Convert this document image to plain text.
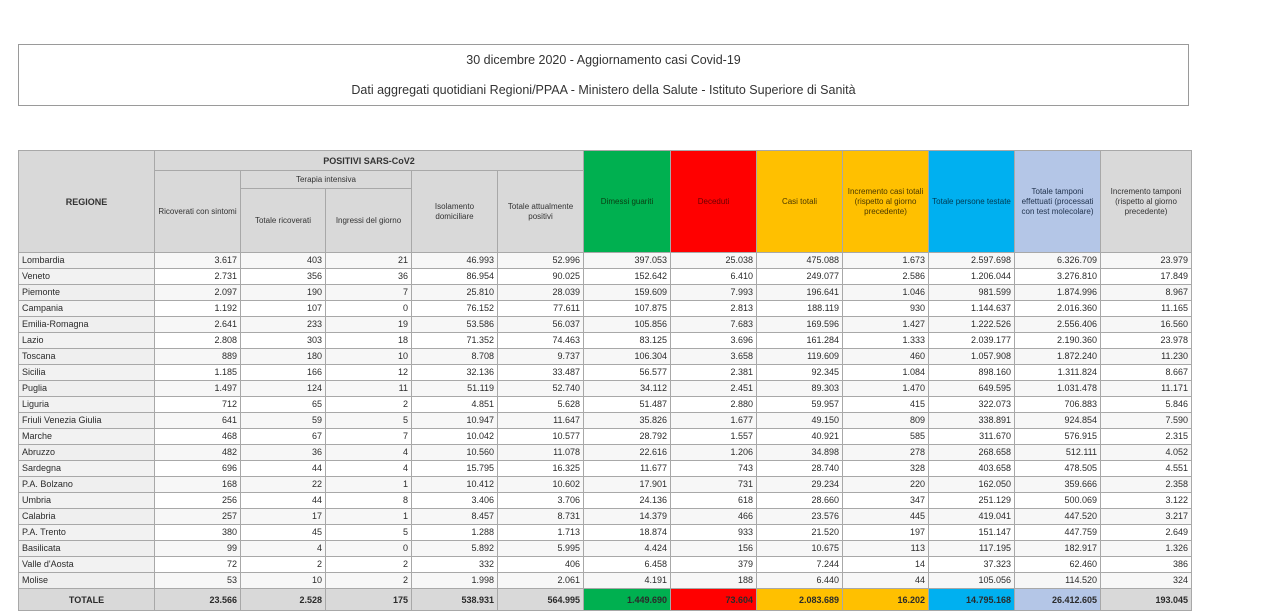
30 dicembre 2020 - Aggiornamento casi Covid-19
Dati aggregati quotidiani Regioni/PPAA - Ministero della Salute - Istituto Superiore di Sanità
REGIONE	POSITIVI SARS-CoV2					Dimessi guariti	Deceduti	Casi totali	Incremento casi totali (rispetto al giorno precedente)	Totale persone testate	Totale tamponi effettuati (processati con test molecolare)	Incremento tamponi (rispetto al giorno precedente)
	Ricoverati con sintomi	Terapia intensiva		Isolamento domiciliare	Totale attualmente positivi							
		Totale ricoverati	Ingressi del giorno									
Lombardia	3.617	403	21	46.993	52.996	397.053	25.038	475.088	1.673	2.597.698	6.326.709	23.979
Veneto	2.731	356	36	86.954	90.025	152.642	6.410	249.077	2.586	1.206.044	3.276.810	17.849
Piemonte	2.097	190	7	25.810	28.039	159.609	7.993	196.641	1.046	981.599	1.874.996	8.967
Campania	1.192	107	0	76.152	77.611	107.875	2.813	188.119	930	1.144.637	2.016.360	11.165
Emilia-Romagna	2.641	233	19	53.586	56.037	105.856	7.683	169.596	1.427	1.222.526	2.556.406	16.560
Lazio	2.808	303	18	71.352	74.463	83.125	3.696	161.284	1.333	2.039.177	2.190.360	23.978
Toscana	889	180	10	8.708	9.737	106.304	3.658	119.609	460	1.057.908	1.872.240	11.230
Sicilia	1.185	166	12	32.136	33.487	56.577	2.381	92.345	1.084	898.160	1.311.824	8.667
Puglia	1.497	124	11	51.119	52.740	34.112	2.451	89.303	1.470	649.595	1.031.478	11.171
Liguria	712	65	2	4.851	5.628	51.487	2.880	59.957	415	322.073	706.883	5.846
Friuli Venezia Giulia	641	59	5	10.947	11.647	35.826	1.677	49.150	809	338.891	924.854	7.590
Marche	468	67	7	10.042	10.577	28.792	1.557	40.921	585	311.670	576.915	2.315
Abruzzo	482	36	4	10.560	11.078	22.616	1.206	34.898	278	268.658	512.111	4.052
Sardegna	696	44	4	15.795	16.325	11.677	743	28.740	328	403.658	478.505	4.551
P.A. Bolzano	168	22	1	10.412	10.602	17.901	731	29.234	220	162.050	359.666	2.358
Umbria	256	44	8	3.406	3.706	24.136	618	28.660	347	251.129	500.069	3.122
Calabria	257	17	1	8.457	8.731	14.379	466	23.576	445	419.041	447.520	3.217
P.A. Trento	380	45	5	1.288	1.713	18.874	933	21.520	197	151.147	447.759	2.649
Basilicata	99	4	0	5.892	5.995	4.424	156	10.675	113	117.195	182.917	1.326
Valle d'Aosta	72	2	2	332	406	6.458	379	7.244	14	37.323	62.460	386
Molise	53	10	2	1.998	2.061	4.191	188	6.440	44	105.056	114.520	324
TOTALE	23.566	2.528	175	538.931	564.995	1.449.690	73.604	2.083.689	16.202	14.795.168	26.412.605	193.045
